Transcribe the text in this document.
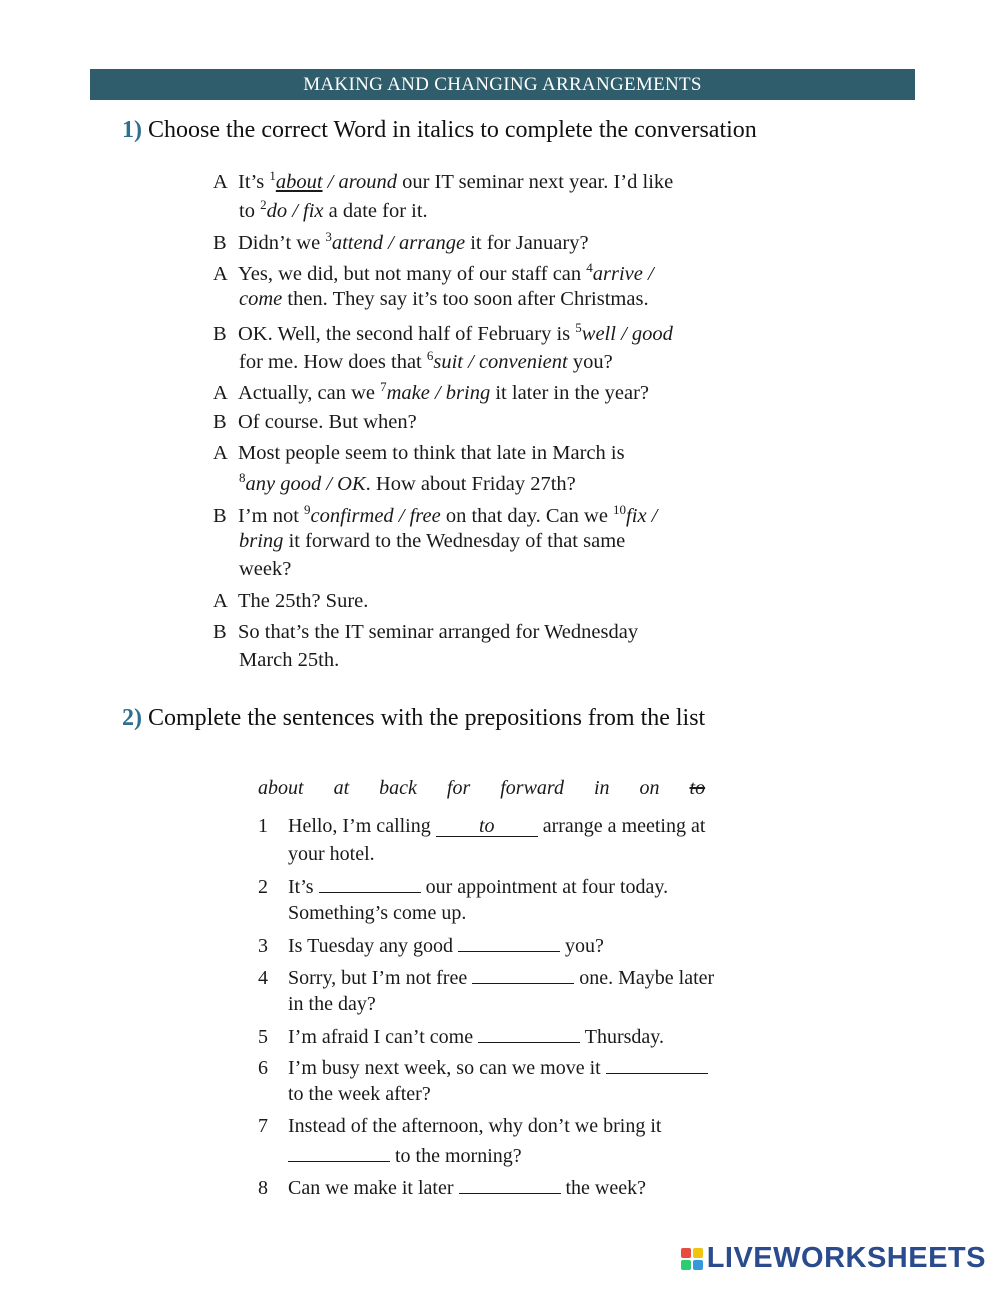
MAKING AND CHANGING ARRANGEMENTS
1) Choose the correct Word in italics to complete the conversation
A It’s $^1$about / around our IT seminar next year. I’d like
to $^2$do / fix a date for it.
B Didn’t we $^3$attend / arrange it for January?
A Yes, we did, but not many of our staff can $^4$arrive /
come then. They say it’s too soon after Christmas.
B OK. Well, the second half of February is $^5$well / good
for me. How does that $^6$suit / convenient you?
A Actually, can we $^7$make / bring it later in the year?
B Of course. But when?
A Most people seem to think that late in March is
$^8$any good / OK. How about Friday 27th?
B I’m not $^9$confirmed / free on that day. Can we $^{10}$fix /
bring it forward to the Wednesday of that same
week?
A The 25th? Sure.
B So that’s the IT seminar arranged for Wednesday
March 25th.
2) Complete the sentences with the prepositions from the list
about at back for forward in on to
1 Hello, I’m calling to arrange a meeting at
your hotel.
2 It’s	our appointment at four today.
Something’s come up.
3 Is Tuesday any good	you?
4 Sorry, but I’m not free	one. Maybe later
in the day?
5 I’m afraid I can’t come	Thursday.
6 I’m busy next week, so can we move it
to the week after?
7 Instead of the afternoon, why don’t we bring it
to the morning?
8 Can we make it later	the week?
LIVEWORKSHEETS
